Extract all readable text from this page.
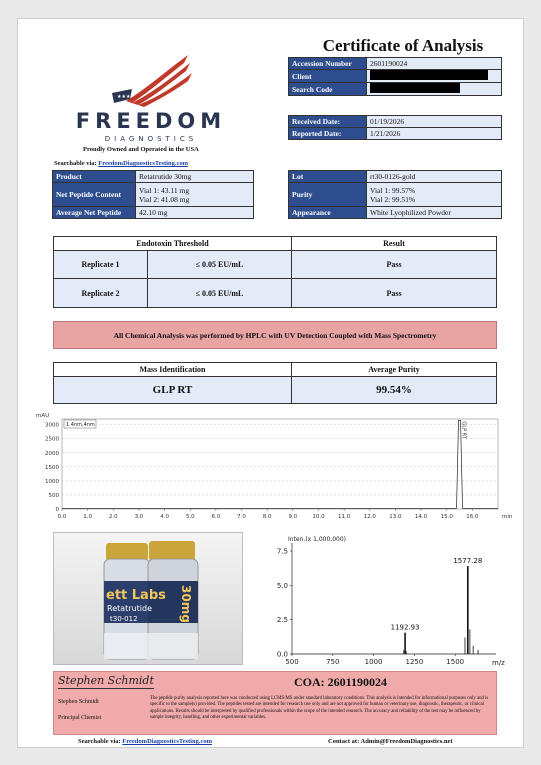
★★★
FREEDOM
DIAGNOSTICS
Proudly Owned and Operated in the USA
Searchable via: FreedomDiagnosticsTesting.com
Certificate of Analysis
Accession Number	2601190024
Client	
Search Code	
Received Date:	01/19/2026
Reported Date:	1/21/2026
Product	Retatrutide 30mg
Net Peptide Content	Vial 1: 43.11 mg
Vial 2: 41.08 mg

Average Net Peptide	42.10 mg
Lot	rt30-0126-gold
Purity	Vial 1: 99.57%
Vial 2: 99.51%

Appearance	White Lyophilized Powder
Endotoxin Threshold	Result
Replicate 1	≤ 0.05 EU/mL	Pass
Replicate 2	≤ 0.05 EU/mL	Pass
All Chemical Analysis was performed by HPLC with UV Detection Coupled with Mass Spectrometry
Mass Identification	Average Purity
GLP RT	99.54%
0
500
1000
1500
2000
2500
3000
0.0	1.0	2.0	3.0	4.0	5.0	6.0	7.0	8.0	9.0	10.0 11.0 12.0 13.0 14.0 15.0 16.0	min
mAU
1 4nm,4nm	GLP RT
ett Labs
Retatrutide
t30-012	30mg
Inten.(x 1,000,000)
0.0
2.5
5.0
7.5
500	750	1000	1250	1500	m/z
1192.93
1577.28
Stephen Schmidt	COA: 2601190024
Stephen Schmidt
Principal Chemist
The peptide purity analysis reported here was conducted using LCMS/MS under standard laboratory conditions. This analysis is intended for informational purposes only and is specific to the sample(s) provided. The peptides tested are intended for research use only and are not approved for human or veterinary use, diagnostic, therapeutic, or clinical applications. Results should be interpreted by qualified professionals within the scope of the intended research. The accuracy and reliability of the test may be influenced by sample integrity, handling, and other experimental variables.
Searchable via: FreedomDiagnosticsTesting.com	Contact at: Admin@FreedomDiagnostics.net
